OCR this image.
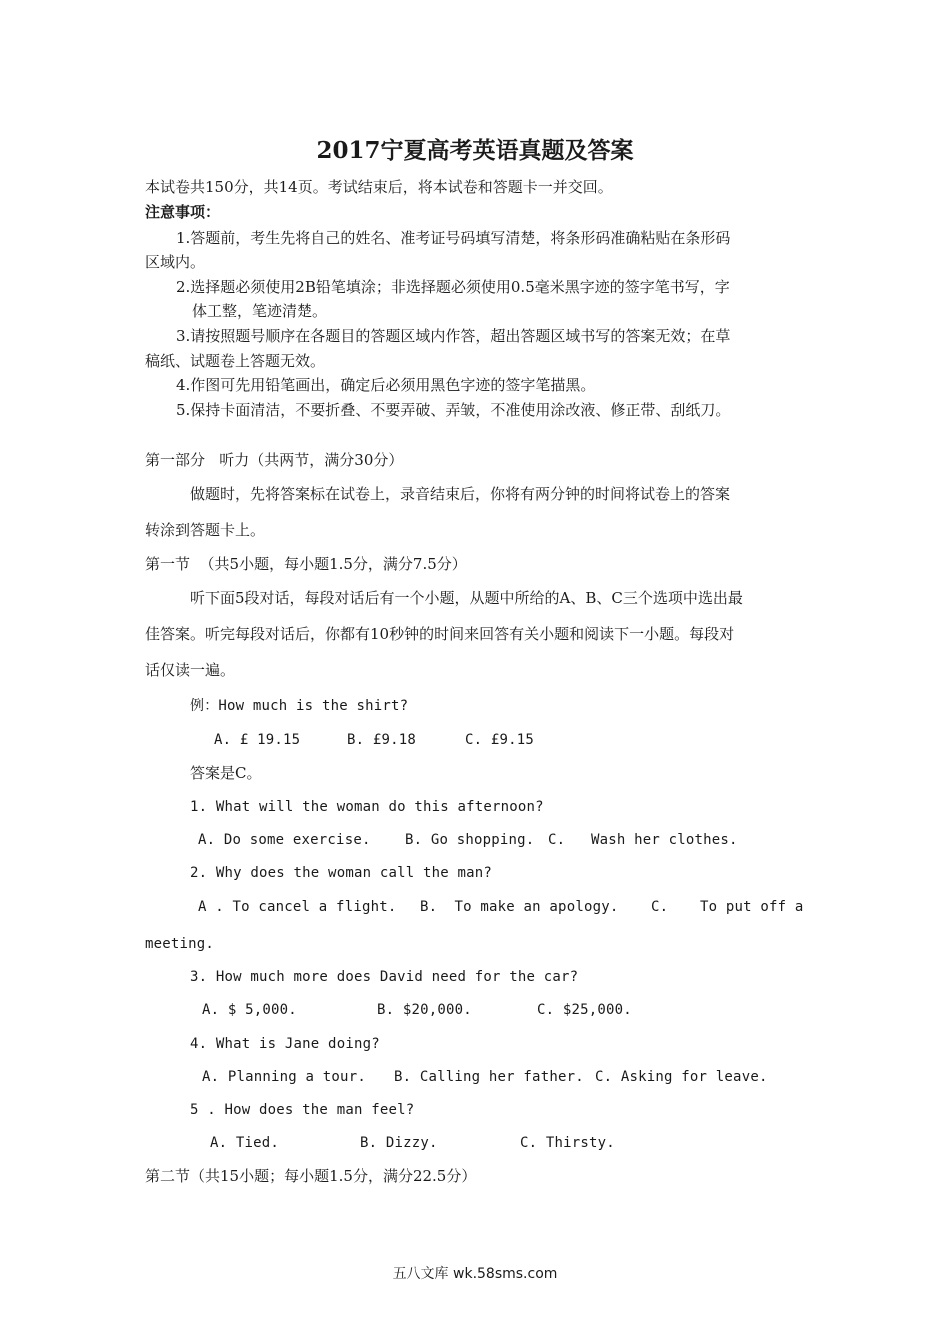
2017宁夏高考英语真题及答案
本试卷共150分，共14页。考试结束后，将本试卷和答题卡一并交回。
注意事项：
1.答题前，考生先将自己的姓名、准考证号码填写清楚，将条形码准确粘贴在条形码
区域内。
2.选择题必须使用2B铅笔填涂；非选择题必须使用0.5毫米黑字迹的签字笔书写，字
体工整，笔迹清楚。
3.请按照题号顺序在各题目的答题区域内作答，超出答题区域书写的答案无效；在草
稿纸、试题卷上答题无效。
4.作图可先用铅笔画出，确定后必须用黑色字迹的签字笔描黑。
5.保持卡面清洁，不要折叠、不要弄破、弄皱，不准使用涂改液、修正带、刮纸刀。
第一部分   听力（共两节，满分30分）
做题时，先将答案标在试卷上，录音结束后，你将有两分钟的时间将试卷上的答案
转涂到答题卡上。
第一节  （共5小题，每小题1.5分，满分7.5分）
听下面5段对话，每段对话后有一个小题，从题中所给的A、B、C三个选项中选出最
佳答案。听完每段对话后，你都有10秒钟的时间来回答有关小题和阅读下一小题。每段对
话仅读一遍。
例：How much is the shirt?
A. £ 19.15	B. £9.18	C. £9.15
答案是C。
1. What will the woman do this afternoon?
A. Do some exercise. B. Go shopping. C. Wash her clothes.
2. Why does the woman call the man?
A . To cancel a flight. B.  To make an apology. C. To put off a
meeting.
3. How much more does David need for the car?
A. $ 5,000.	B. $20,000.	C. $25,000.
4. What is Jane doing?
A. Planning a tour. B. Calling her father. C. Asking for leave.
5 . How does the man feel?
A. Tied.	B. Dizzy.	C. Thirsty.
第二节（共15小题；每小题1.5分，满分22.5分）
五八文库 wk.58sms.com
